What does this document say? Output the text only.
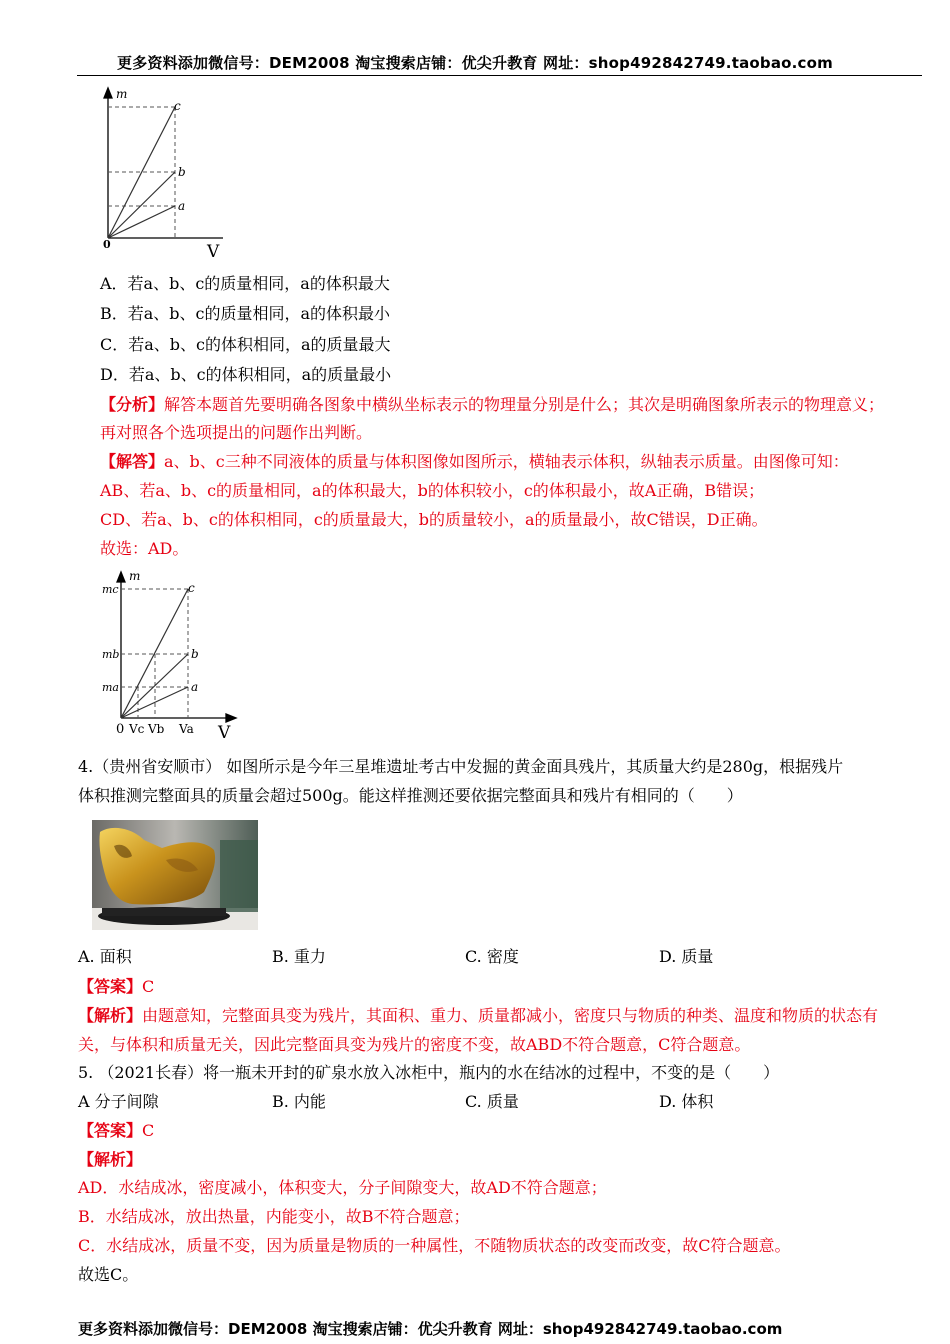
更多资料添加微信号：DEM2008 淘宝搜索店铺：优尖升教育 网址：shop492842749.taobao.com
m
V
0
a
b
c
A．若a、b、c的质量相同，a的体积最大
B．若a、b、c的质量相同，a的体积最小
C．若a、b、c的体积相同，a的质量最大
D．若a、b、c的体积相同，a的质量最小
【分析】解答本题首先要明确各图象中横纵坐标表示的物理量分别是什么；其次是明确图象所表示的物理意义；
再对照各个选项提出的问题作出判断。
【解答】a、b、c三种不同液体的质量与体积图像如图所示，横轴表示体积，纵轴表示质量。由图像可知：
AB、若a、b、c的质量相同，a的体积最大，b的体积较小，c的体积最小，故A正确，B错误；
CD、若a、b、c的体积相同，c的质量最大，b的质量较小，a的质量最小，故C错误，D正确。
故选：AD。
m
V
0
mc
mb
ma
Vc Vb Va
a
b
c
4.（贵州省安顺市） 如图所示是今年三星堆遗址考古中发掘的黄金面具残片，其质量大约是280g，根据残片
体积推测完整面具的质量会超过500g。能这样推测还要依据完整面具和残片有相同的（　　）
A. 面积	B. 重力	C. 密度	D. 质量
【答案】C
【解析】由题意知，完整面具变为残片，其面积、重力、质量都减小，密度只与物质的种类、温度和物质的状态有
关，与体积和质量无关，因此完整面具变为残片的密度不变，故ABD不符合题意，C符合题意。
5. （2021长春）将一瓶未开封的矿泉水放入冰柜中，瓶内的水在结冰的过程中，不变的是（　　）
A 分子间隙	B. 内能	C. 质量	D. 体积
【答案】C
【解析】
AD．水结成冰，密度减小，体积变大，分子间隙变大，故AD不符合题意；
B．水结成冰，放出热量，内能变小，故B不符合题意；
C．水结成冰，质量不变，因为质量是物质的一种属性，不随物质状态的改变而改变，故C符合题意。
故选C。
更多资料添加微信号：DEM2008 淘宝搜索店铺：优尖升教育 网址：shop492842749.taobao.com
